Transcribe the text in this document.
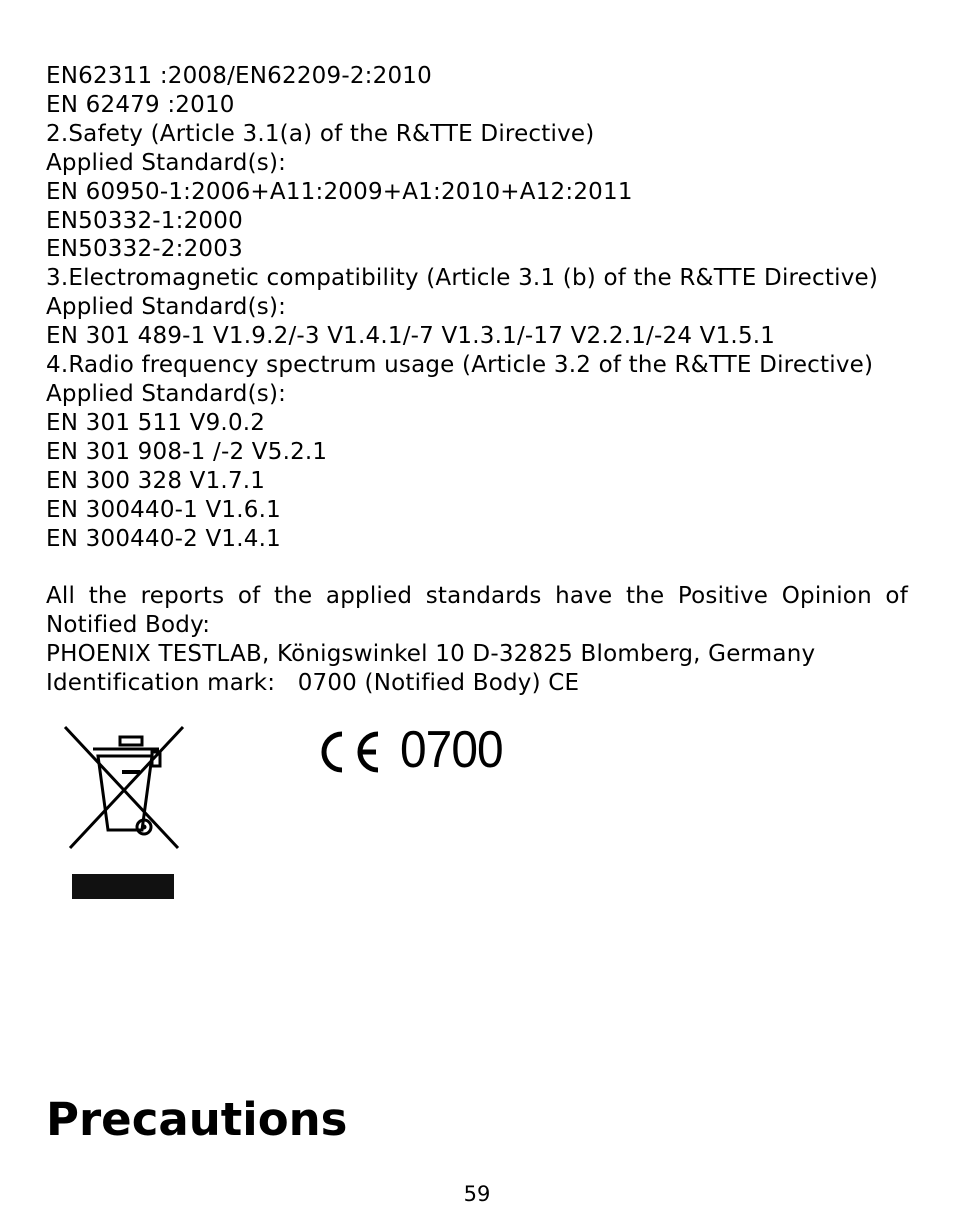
EN62311 :2008/EN62209-2:2010
EN 62479 :2010
2.Safety (Article 3.1(a) of the R&TTE Directive)
Applied Standard(s):
EN 60950-1:2006+A11:2009+A1:2010+A12:2011
EN50332-1:2000
EN50332-2:2003
3.Electromagnetic compatibility (Article 3.1 (b) of the R&TTE Directive)
Applied Standard(s):
EN 301 489-1 V1.9.2/-3 V1.4.1/-7 V1.3.1/-17 V2.2.1/-24 V1.5.1
4.Radio frequency spectrum usage (Article 3.2 of the R&TTE Directive)
Applied Standard(s):
EN 301 511 V9.0.2
EN 301 908-1 /-2 V5.2.1
EN 300 328 V1.7.1
EN 300440-1 V1.6.1
EN 300440-2 V1.4.1
All the reports of the applied standards have the Positive Opinion of
Notified Body:
PHOENIX TESTLAB, Königswinkel 10 D-32825 Blomberg, Germany
Identification mark: 0700 (Notified Body) CE
0700
Precautions
59
